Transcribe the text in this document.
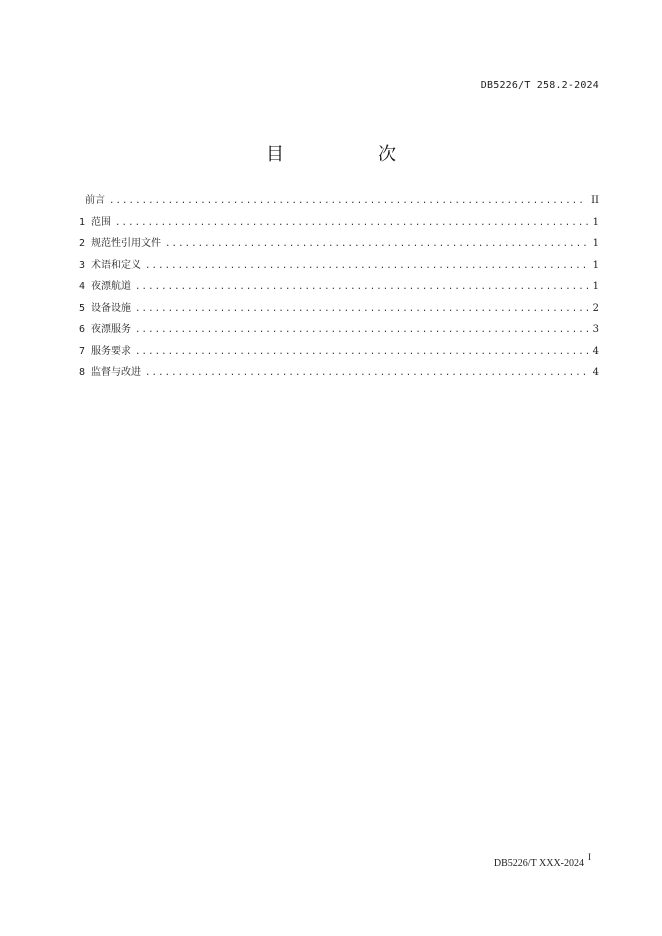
DB5226/T 258.2-2024
目　次
前言 .....	II
1 范围 .....	1
2 规范性引用文件 .....	1
3 术语和定义 .....	1
4 夜漂航道 .....	1
5 设备设施 .....	2
6 夜漂服务 .....	3
7 服务要求 .....	4
8 监督与改进 .....	4
DB5226/T XXX-2024
I
